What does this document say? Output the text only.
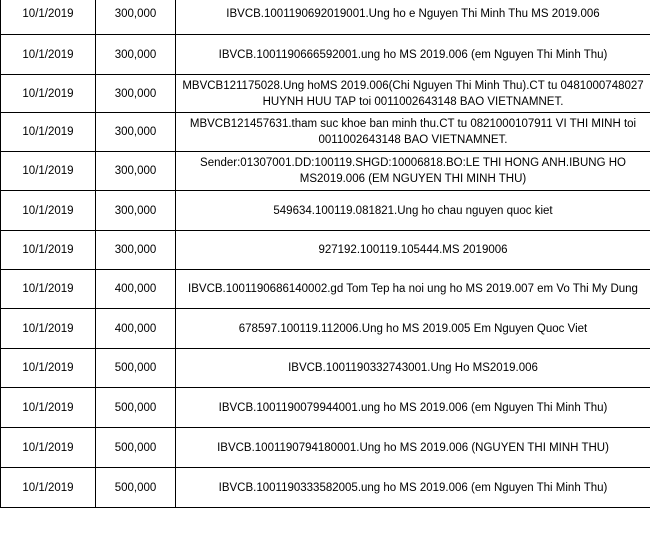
10/1/2019	300,000	IBVCB.1001190692019001.Ung ho e Nguyen Thi Minh Thu MS 2019.006
10/1/2019	300,000	IBVCB.1001190666592001.ung ho MS 2019.006 (em Nguyen Thi Minh Thu)
10/1/2019	300,000	MBVCB121175028.Ung hoMS 2019.006(Chi Nguyen Thi Minh Thu).CT tu 0481000748027 HUYNH HUU TAP toi 0011002643148 BAO VIETNAMNET.
10/1/2019	300,000	MBVCB121457631.tham suc khoe ban minh thu.CT tu 0821000107911 VI THI MINH toi 0011002643148 BAO VIETNAMNET.
10/1/2019	300,000	Sender:01307001.DD:100119.SHGD:10006818.BO:LE THI HONG ANH.IBUNG HO MS2019.006 (EM NGUYEN THI MINH THU)
10/1/2019	300,000	549634.100119.081821.Ung ho chau nguyen quoc kiet
10/1/2019	300,000	927192.100119.105444.MS 2019006
10/1/2019	400,000	IBVCB.1001190686140002.gd Tom Tep ha noi ung ho MS 2019.007 em Vo Thi My Dung
10/1/2019	400,000	678597.100119.112006.Ung ho MS 2019.005 Em Nguyen Quoc Viet
10/1/2019	500,000	IBVCB.1001190332743001.Ung Ho MS2019.006
10/1/2019	500,000	IBVCB.1001190079944001.ung ho MS 2019.006 (em Nguyen Thi Minh Thu)
10/1/2019	500,000	IBVCB.1001190794180001.Ung ho MS 2019.006 (NGUYEN THI MINH THU)
10/1/2019	500,000	IBVCB.1001190333582005.ung ho MS 2019.006 (em Nguyen Thi Minh Thu)
